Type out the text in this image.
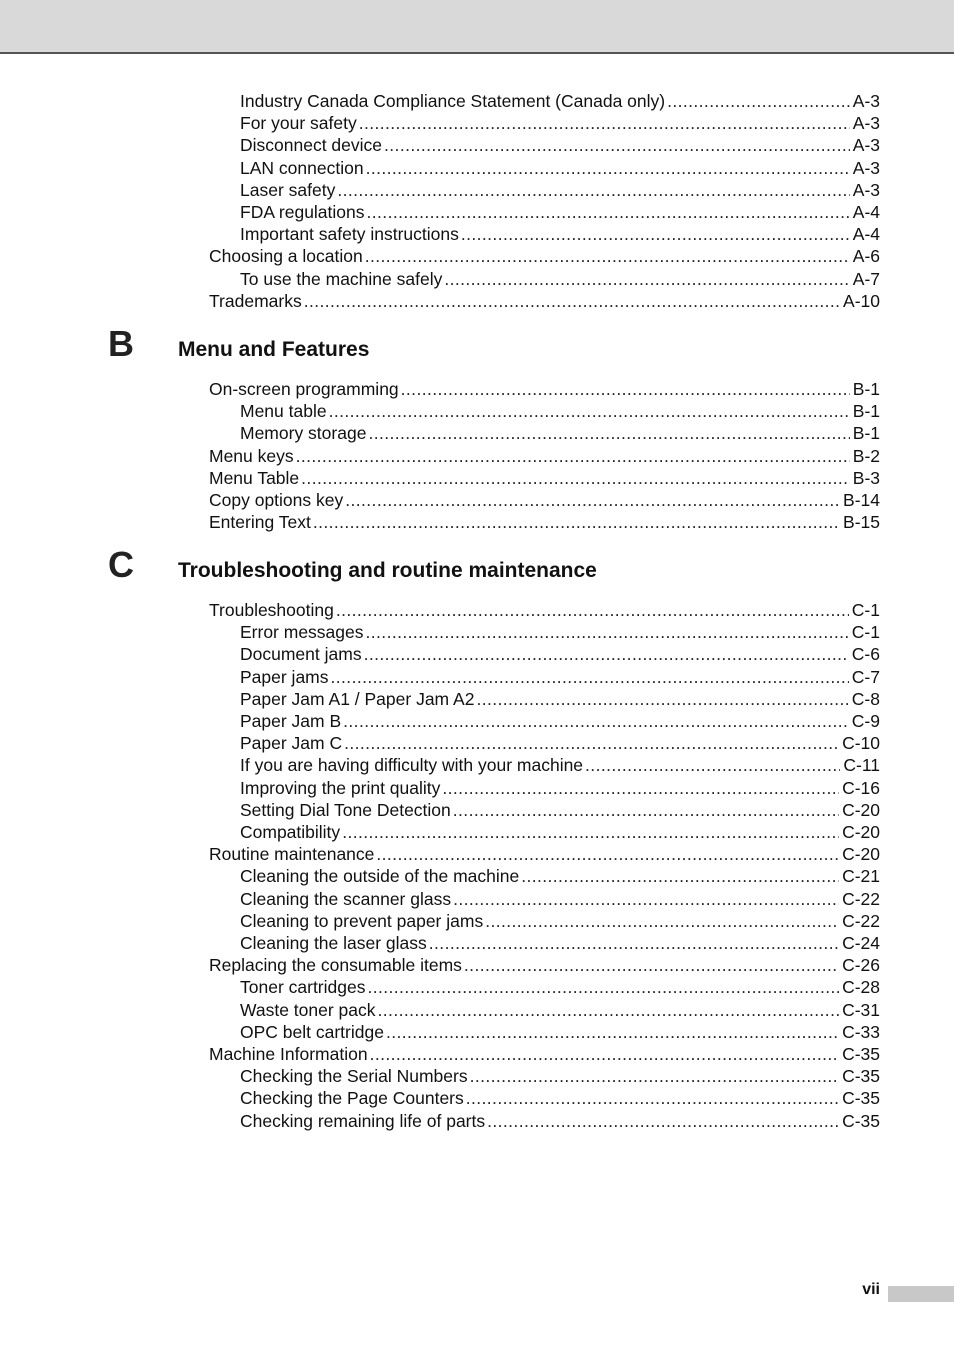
Industry Canada Compliance Statement (Canada only) .....	A-3
For your safety .....	A-3
Disconnect device .....	A-3
LAN connection .....	A-3
Laser safety .....	A-3
FDA regulations .....	A-4
Important safety instructions .....	A-4
Choosing a location .....	A-6
To use the machine safely .....	A-7
Trademarks .....	A-10
B Menu and Features
On-screen programming .....	B-1
Menu table .....	B-1
Memory storage .....	B-1
Menu keys .....	B-2
Menu Table .....	B-3
Copy options key .....	B-14
Entering Text .....	B-15
C Troubleshooting and routine maintenance
Troubleshooting .....	C-1
Error messages .....	C-1
Document jams .....	C-6
Paper jams .....	C-7
Paper Jam A1 / Paper Jam A2 .....	C-8
Paper Jam B .....	C-9
Paper Jam C .....	C-10
If you are having difficulty with your machine .....	C-11
Improving the print quality .....	C-16
Setting Dial Tone Detection .....	C-20
Compatibility .....	C-20
Routine maintenance .....	C-20
Cleaning the outside of the machine .....	C-21
Cleaning the scanner glass .....	C-22
Cleaning to prevent paper jams .....	C-22
Cleaning the laser glass .....	C-24
Replacing the consumable items .....	C-26
Toner cartridges .....	C-28
Waste toner pack .....	C-31
OPC belt cartridge .....	C-33
Machine Information .....	C-35
Checking the Serial Numbers .....	C-35
Checking the Page Counters .....	C-35
Checking remaining life of parts .....	C-35
vii
